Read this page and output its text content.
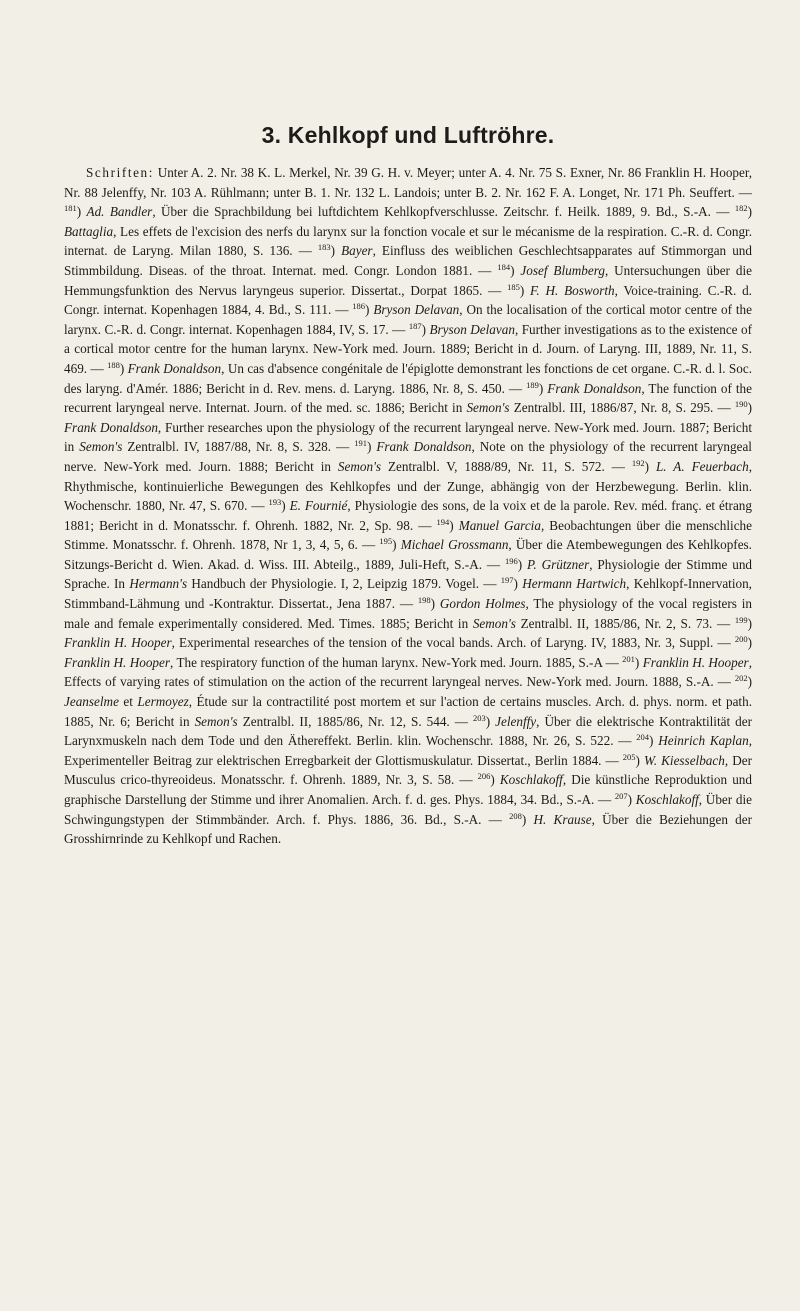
3. Kehlkopf und Luftröhre.

Schriften: Unter A. 2. Nr. 38 K. L. Merkel, Nr. 39 G. H. v. Meyer; unter A. 4. Nr. 75 S. Exner, Nr. 86 Franklin H. Hooper, Nr. 88 Jelenffy, Nr. 103 A. Rühlmann; unter B. 1. Nr. 132 L. Landois; unter B. 2. Nr. 162 F. A. Longet, Nr. 171 Ph. Seuffert. — $^{181}$) Ad. Bandler, Über die Sprachbildung bei luftdichtem Kehlkopfverschlusse. Zeitschr. f. Heilk. 1889, 9. Bd., S.-A. — $^{182}$) Battaglia, Les effets de l'excision des nerfs du larynx sur la fonction vocale et sur le mécanisme de la respiration. C.-R. d. Congr. internat. de Laryng. Milan 1880, S. 136. — $^{183}$) Bayer, Einfluss des weiblichen Geschlechtsapparates auf Stimmorgan und Stimmbildung. Diseas. of the throat. Internat. med. Congr. London 1881. — $^{184}$) Josef Blumberg, Untersuchungen über die Hemmungsfunktion des Nervus laryngeus superior. Dissertat., Dorpat 1865. — $^{185}$) F. H. Bosworth, Voice-training. C.-R. d. Congr. internat. Kopenhagen 1884, 4. Bd., S. 111. — $^{186}$) Bryson Delavan, On the localisation of the cortical motor centre of the larynx. C.-R. d. Congr. internat. Kopenhagen 1884, IV, S. 17. — $^{187}$) Bryson Delavan, Further investigations as to the existence of a cortical motor centre for the human larynx. New-York med. Journ. 1889; Bericht in d. Journ. of Laryng. III, 1889, Nr. 11, S. 469. — $^{188}$) Frank Donaldson, Un cas d'absence congénitale de l'épiglotte demonstrant les fonctions de cet organe. C.-R. d. l. Soc. des laryng. d'Amér. 1886; Bericht in d. Rev. mens. d. Laryng. 1886, Nr. 8, S. 450. — $^{189}$) Frank Donaldson, The function of the recurrent laryngeal nerve. Internat. Journ. of the med. sc. 1886; Bericht in Semon's Zentralbl. III, 1886/87, Nr. 8, S. 295. — $^{190}$) Frank Donaldson, Further researches upon the physiology of the recurrent laryngeal nerve. New-York med. Journ. 1887; Bericht in Semon's Zentralbl. IV, 1887/88, Nr. 8, S. 328. — $^{191}$) Frank Donaldson, Note on the physiology of the recurrent laryngeal nerve. New-York med. Journ. 1888; Bericht in Semon's Zentralbl. V, 1888/89, Nr. 11, S. 572. — $^{192}$) L. A. Feuerbach, Rhythmische, kontinuierliche Bewegungen des Kehlkopfes und der Zunge, abhängig von der Herzbewegung. Berlin. klin. Wochenschr. 1880, Nr. 47, S. 670. — $^{193}$) E. Fournié, Physiologie des sons, de la voix et de la parole. Rev. méd. franç. et étrang 1881; Bericht in d. Monatsschr. f. Ohrenh. 1882, Nr. 2, Sp. 98. — $^{194}$) Manuel Garcia, Beobachtungen über die menschliche Stimme. Monatsschr. f. Ohrenh. 1878, Nr 1, 3, 4, 5, 6. — $^{195}$) Michael Grossmann, Über die Atembewegungen des Kehlkopfes. Sitzungs-Bericht d. Wien. Akad. d. Wiss. III. Abteilg., 1889, Juli-Heft, S.-A. — $^{196}$) P. Grützner, Physiologie der Stimme und Sprache. In Hermann's Handbuch der Physiologie. I, 2, Leipzig 1879. Vogel. — $^{197}$) Hermann Hartwich, Kehlkopf-Innervation, Stimmband-Lähmung und -Kontraktur. Dissertat., Jena 1887. — $^{198}$) Gordon Holmes, The physiology of the vocal registers in male and female experimentally considered. Med. Times. 1885; Bericht in Semon's Zentralbl. II, 1885/86, Nr. 2, S. 73. — $^{199}$) Franklin H. Hooper, Experimental researches of the tension of the vocal bands. Arch. of Laryng. IV, 1883, Nr. 3, Suppl. — $^{200}$) Franklin H. Hooper, The respiratory function of the human larynx. New-York med. Journ. 1885, S.-A — $^{201}$) Franklin H. Hooper, Effects of varying rates of stimulation on the action of the recurrent laryngeal nerves. New-York med. Journ. 1888, S.-A. — $^{202}$) Jeanselme et Lermoyez, Étude sur la contractilité post mortem et sur l'action de certains muscles. Arch. d. phys. norm. et path. 1885, Nr. 6; Bericht in Semon's Zentralbl. II, 1885/86, Nr. 12, S. 544. — $^{203}$) Jelenffy, Über die elektrische Kontraktilität der Larynxmuskeln nach dem Tode und den Äthereffekt. Berlin. klin. Wochenschr. 1888, Nr. 26, S. 522. — $^{204}$) Heinrich Kaplan, Experimenteller Beitrag zur elektrischen Erregbarkeit der Glottismuskulatur. Dissertat., Berlin 1884. — $^{205}$) W. Kiesselbach, Der Musculus crico-thyreoideus. Monatsschr. f. Ohrenh. 1889, Nr. 3, S. 58. — $^{206}$) Koschlakoff, Die künstliche Reproduktion und graphische Darstellung der Stimme und ihrer Anomalien. Arch. f. d. ges. Phys. 1884, 34. Bd., S.-A. — $^{207}$) Koschlakoff, Über die Schwingungstypen der Stimmbänder. Arch. f. Phys. 1886, 36. Bd., S.-A. — $^{208}$) H. Krause, Über die Beziehungen der Grosshirnrinde zu Kehlkopf und Rachen.
